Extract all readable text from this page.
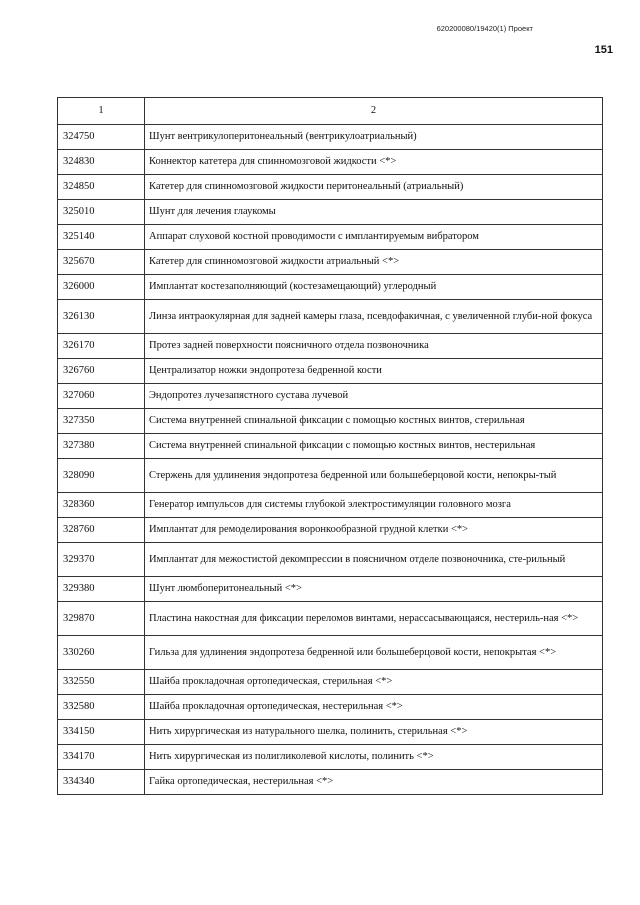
620200080/19420(1) Проект
151
1	2
324750	Шунт вентрикулоперитонеальный (вентрикулоатриальный)
324830	Коннектор катетера для спинномозговой жидкости <*>
324850	Катетер для спинномозговой жидкости перитонеальный (атриальный)
325010	Шунт для лечения глаукомы
325140	Аппарат слуховой костной проводимости с имплантируемым вибратором
325670	Катетер для спинномозговой жидкости атриальный <*>
326000	Имплантат костезаполняющий (костезамещающий) углеродный
326130	Линза интраокулярная для задней камеры глаза, псевдофакичная, с увеличенной глуби-ной фокуса
326170	Протез задней поверхности поясничного отдела позвоночника
326760	Централизатор ножки эндопротеза бедренной кости
327060	Эндопротез лучезапястного сустава лучевой
327350	Система внутренней спинальной фиксации с помощью костных винтов, стерильная
327380	Система внутренней спинальной фиксации с помощью костных винтов, нестерильная
328090	Стержень для удлинения эндопротеза бедренной или большеберцовой кости, непокры-тый
328360	Генератор импульсов для системы глубокой электростимуляции головного мозга
328760	Имплантат для ремоделирования воронкообразной грудной клетки <*>
329370	Имплантат для межостистой декомпрессии в поясничном отделе позвоночника, сте-рильный
329380	Шунт люмбоперитонеальный <*>
329870	Пластина накостная для фиксации переломов винтами, нерассасывающаяся, нестериль-ная <*>
330260	Гильза для удлинения эндопротеза бедренной или большеберцовой кости, непокрытая <*>
332550	Шайба прокладочная ортопедическая, стерильная <*>
332580	Шайба прокладочная ортопедическая, нестерильная <*>
334150	Нить хирургическая из натурального шелка, полинить, стерильная <*>
334170	Нить хирургическая из полигликолевой кислоты, полинить <*>
334340	Гайка ортопедическая, нестерильная <*>
